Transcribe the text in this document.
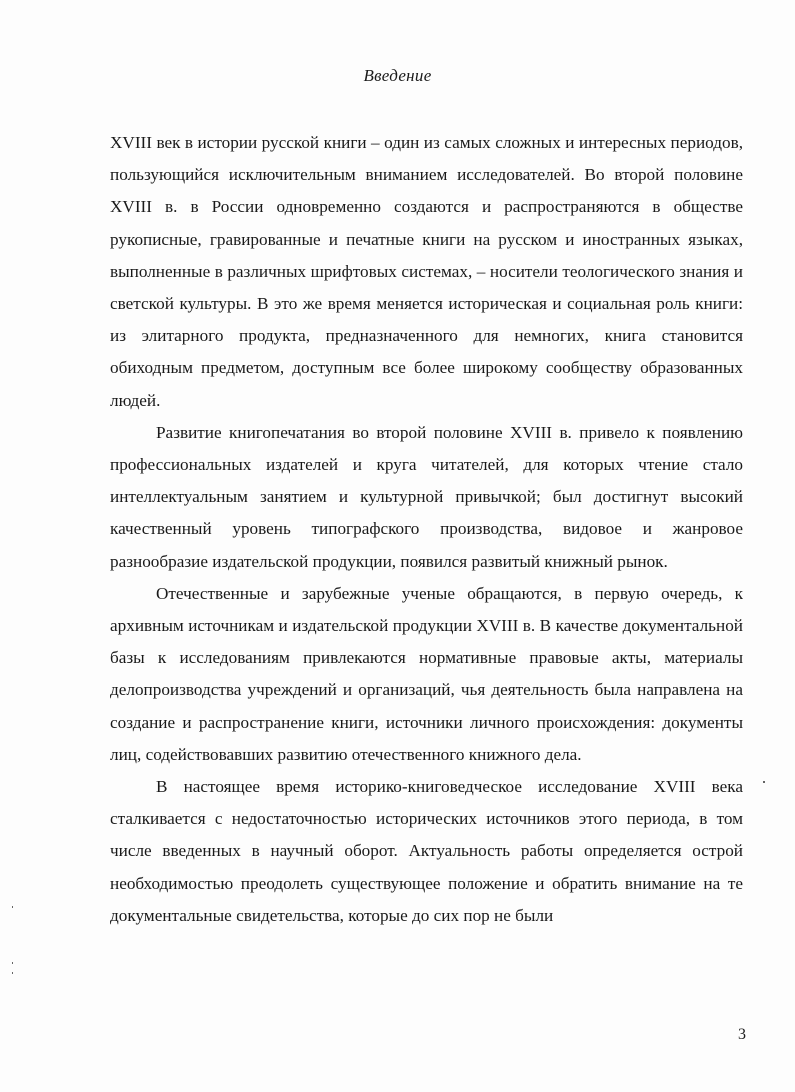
Введение

XVIII век в истории русской книги – один из самых сложных и интересных периодов, пользующийся исключительным вниманием исследователей. Во второй половине XVIII в. в России одновременно создаются и распространяются в обществе рукописные, гравированные и печатные книги на русском и иностранных языках, выполненные в различных шрифтовых системах, – носители теологического знания и светской культуры. В это же время меняется историческая и социальная роль книги: из элитарного продукта, предназначенного для немногих, книга становится обиходным предметом, доступным все более широкому сообществу образованных людей.

Развитие книгопечатания во второй половине XVIII в. привело к появлению профессиональных издателей и круга читателей, для которых чтение стало интеллектуальным занятием и культурной привычкой; был достигнут высокий качественный уровень типографского производства, видовое и жанровое разнообразие издательской продукции, появился развитый книжный рынок.

Отечественные и зарубежные ученые обращаются, в первую очередь, к архивным источникам и издательской продукции XVIII в. В качестве документальной базы к исследованиям привлекаются нормативные правовые акты, материалы делопроизводства учреждений и организаций, чья деятельность была направлена на создание и распространение книги, источники личного происхождения: документы лиц, содействовавших развитию отечественного книжного дела.

В настоящее время историко-книговедческое исследование XVIII века сталкивается с недостаточностью исторических источников этого периода, в том числе введенных в научный оборот. Актуальность работы определяется острой необходимостью преодолеть существующее положение и обратить внимание на те документальные свидетельства, которые до сих пор не были

3
